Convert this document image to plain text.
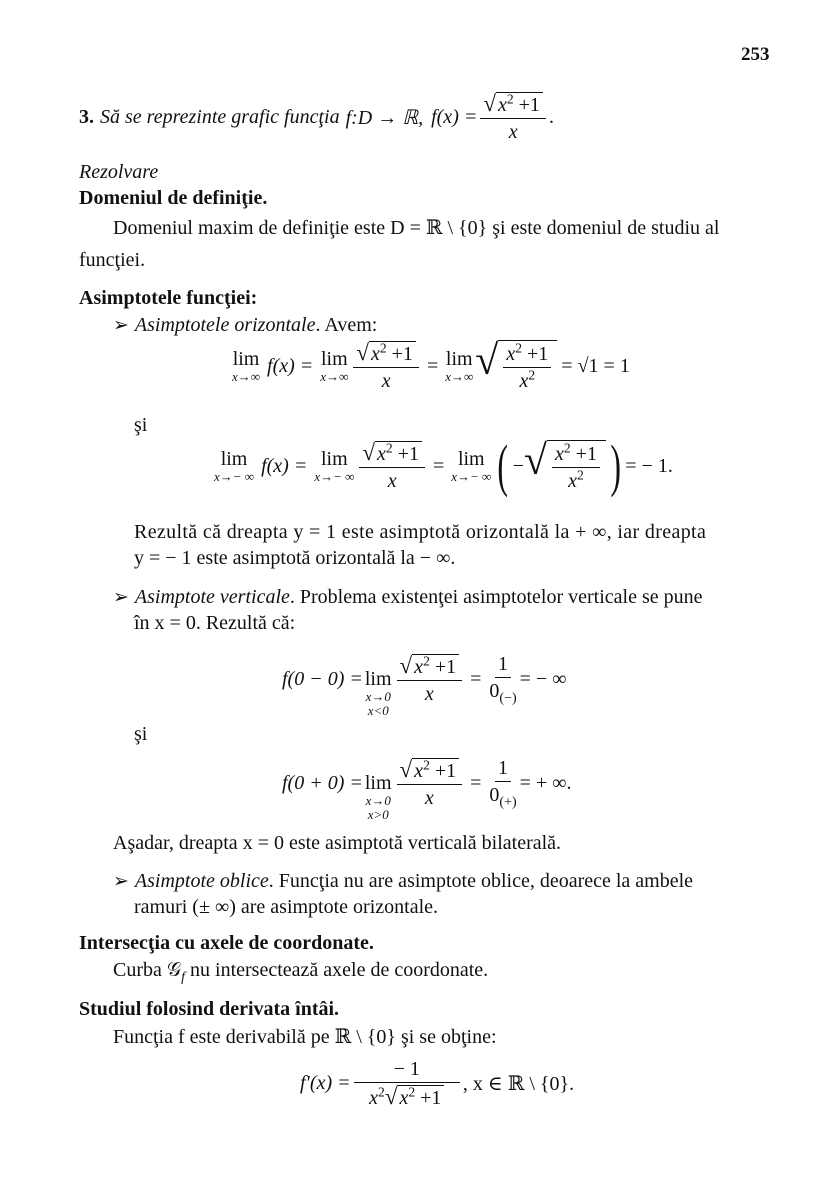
253
3. Să se reprezinte grafic funcţia f:D → ℝ, $f(x) = \frac{√ x^2 +1}{x}$ .
Rezolvare
Domeniul de definiţie.
Domeniul maxim de definiţie este D = ℝ \ {0} şi este domeniul de studiu al
funcţiei.
Asimptotele funcţiei:
➢ Asimptotele orizontale. Avem:
lim
x→∞
f(x) = lim
$x\to\infty \frac{√ x^2 +1}{x} = \lim$
x→∞ √ $\frac{x^2 +1}{x^2} = √1 = 1$
şi
lim
x→− ∞
f(x) = lim
x→− ∞ $\frac{√ x^2 +1}{x} = \lim$
x→− ∞ ( − √ $\frac{x^2 +1}{x^2}$ ) = − 1.
Rezultă că dreapta y = 1 este asimptotă orizontală la + ∞, iar dreapta
y = − 1 este asimptotă orizontală la − ∞.
➢ Asimptote verticale. Problema existenţei asimptotelor verticale se pune
în x = 0. Rezultă că:
f(0 − 0) = lim
x→0
x<0
$\frac{√ x^2 +1}{x} = \frac{1}{0_{(-)}}$ = − ∞
şi
f(0 + 0) = lim
x→0
x>0
$\frac{√ x^2 +1}{x} = \frac{1}{0_{(+)}}$ = + ∞.
Aşadar, dreapta x = 0 este asimptotă verticală bilaterală.
➢ Asimptote oblice. Funcţia nu are asimptote oblice, deoarece la ambele
ramuri (± ∞) are asimptote orizontale.
Intersecţia cu axele de coordonate.
Curba 𝒢$_f$ nu intersectează axele de coordonate.
Studiul folosind derivata întâi.
Funcţia f este derivabilă pe ℝ \ {0} şi se obţine:
$f'(x) = \frac{- 1}{x^2 √ x^2 +1}$ , x ∈ ℝ \ {0}.
